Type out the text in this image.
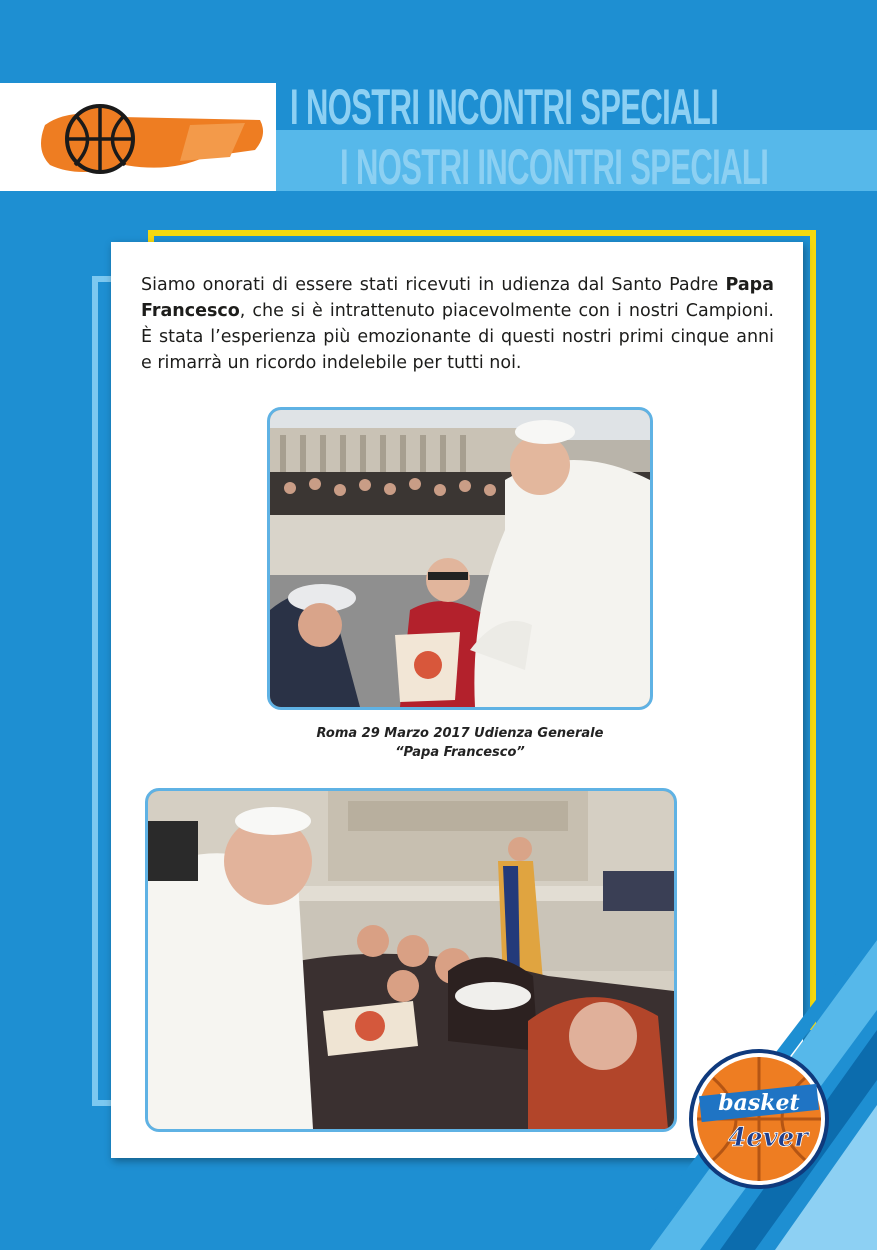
I NOSTRI INCONTRI SPECIALI
I NOSTRI INCONTRI SPECIALI

Siamo onorati di essere stati ricevuti in udienza dal Santo Padre Papa Francesco, che si è intrattenuto piacevolmente con i nostri Campioni. È stata l’esperienza più emozionante di questi nostri primi cinque anni e rimarrà un ricordo indelebile per tutti noi.

Roma 29 Marzo 2017 Udienza Generale
“Papa Francesco”
basket
4ever
